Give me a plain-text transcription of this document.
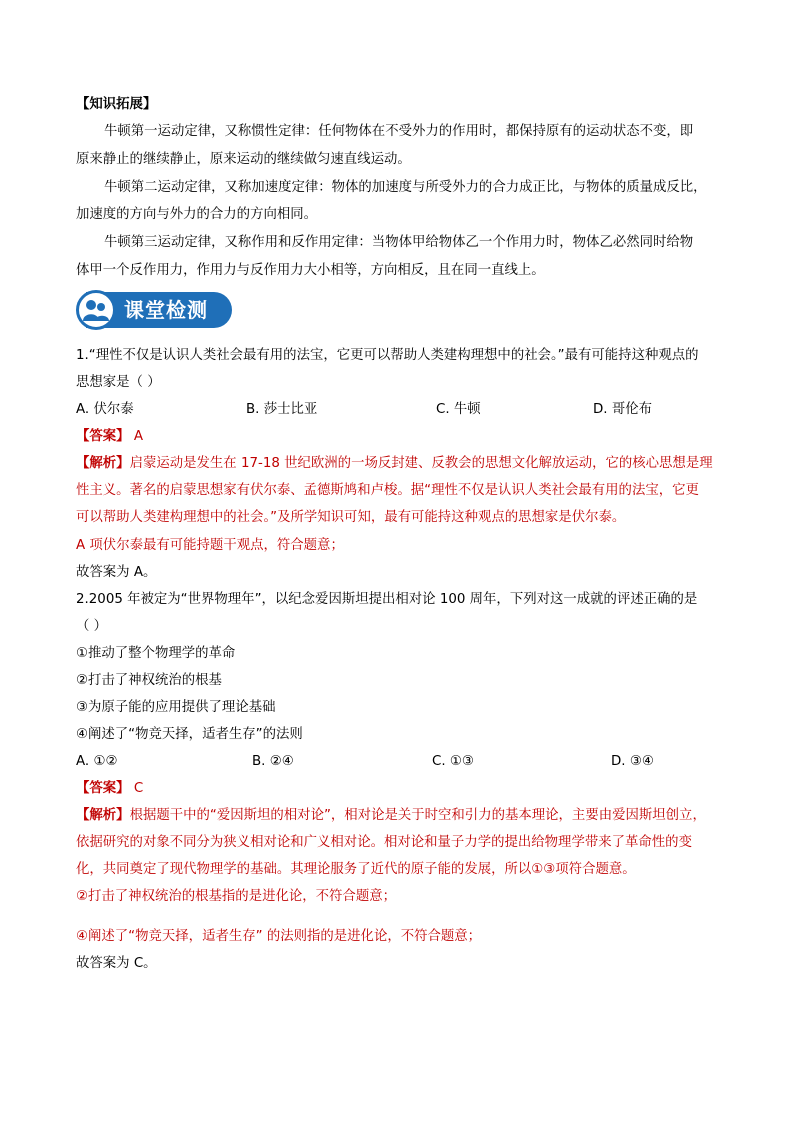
【知识拓展】
牛顿第一运动定律，又称惯性定律：任何物体在不受外力的作用时，都保持原有的运动状态不变，即
原来静止的继续静止，原来运动的继续做匀速直线运动。
牛顿第二运动定律，又称加速度定律：物体的加速度与所受外力的合力成正比，与物体的质量成反比，
加速度的方向与外力的合力的方向相同。
牛顿第三运动定律，又称作用和反作用定律：当物体甲给物体乙一个作用力时，物体乙必然同时给物
体甲一个反作用力，作用力与反作用力大小相等，方向相反，且在同一直线上。
课堂检测
1.“理性不仅是认识人类社会最有用的法宝，它更可以帮助人类建构理想中的社会。”最有可能持这种观点的
思想家是（ ）
A. 伏尔泰	B. 莎士比亚	C. 牛顿	D. 哥伦布
【答案】 A
【解析】启蒙运动是发生在 17-18 世纪欧洲的一场反封建、反教会的思想文化解放运动，它的核心思想是理
性主义。著名的启蒙思想家有伏尔泰、孟德斯鸠和卢梭。据“理性不仅是认识人类社会最有用的法宝，它更
可以帮助人类建构理想中的社会。”及所学知识可知，最有可能持这种观点的思想家是伏尔泰。
A 项伏尔泰最有可能持题干观点，符合题意；
故答案为 A。
2.2005 年被定为“世界物理年”，以纪念爱因斯坦提出相对论 100 周年，下列对这一成就的评述正确的是
（ ）
①推动了整个物理学的革命
②打击了神权统治的根基
③为原子能的应用提供了理论基础
④阐述了“物竞天择，适者生存”的法则
A. ①②	B. ②④	C. ①③	D. ③④
【答案】 C
【解析】根据题干中的“爱因斯坦的相对论”，相对论是关于时空和引力的基本理论，主要由爱因斯坦创立，
依据研究的对象不同分为狭义相对论和广义相对论。相对论和量子力学的提出给物理学带来了革命性的变
化，共同奠定了现代物理学的基础。其理论服务了近代的原子能的发展，所以①③项符合题意。
②打击了神权统治的根基指的是进化论，不符合题意；
④阐述了“物竞天择，适者生存” 的法则指的是进化论，不符合题意；
故答案为 C。
